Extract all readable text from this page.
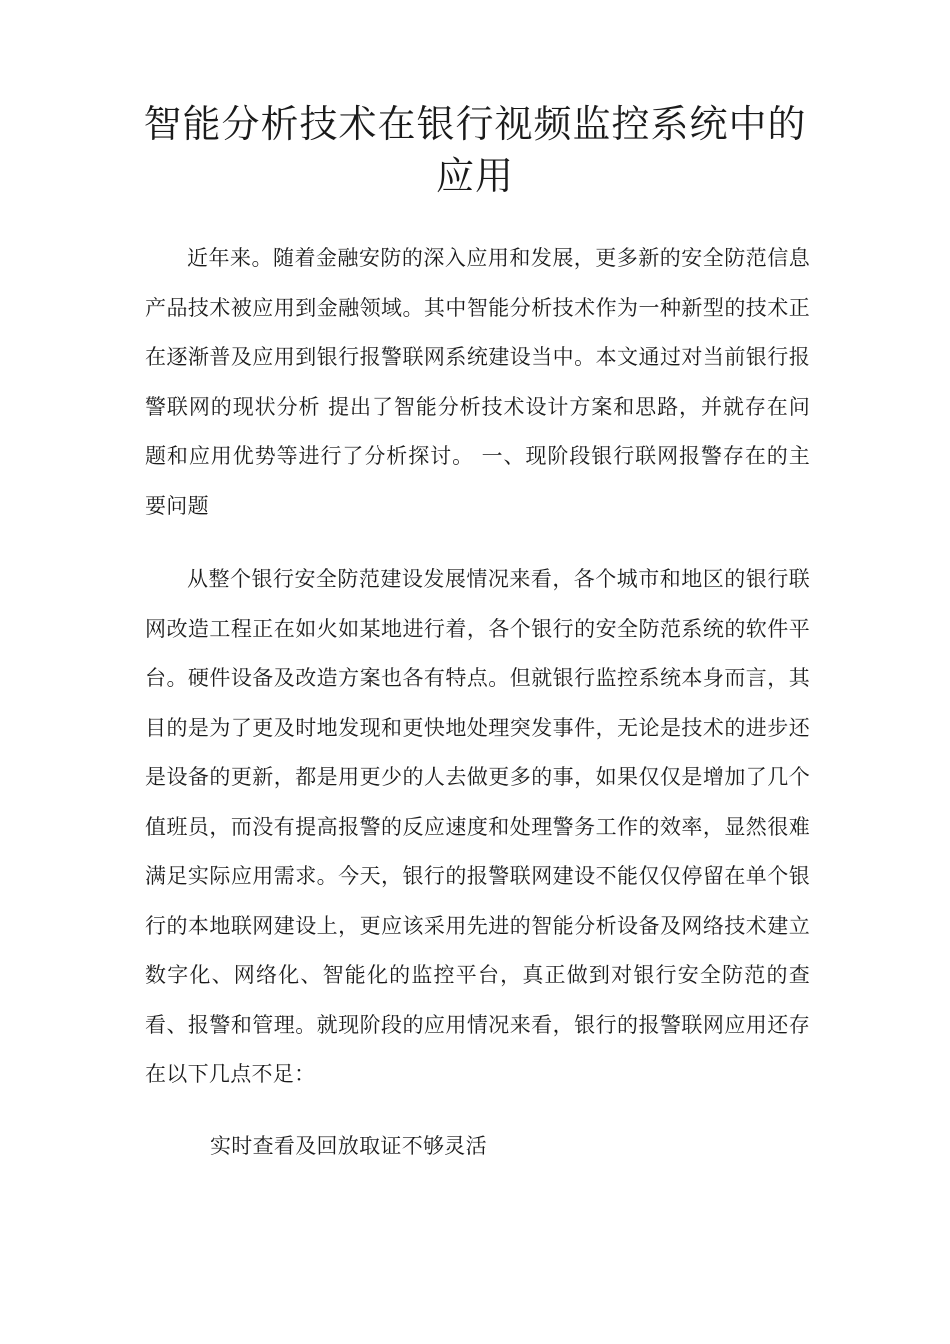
智能分析技术在银行视频监控系统中的应用

近年来。随着金融安防的深入应用和发展，更多新的安全防范信息产品技术被应用到金融领域。其中智能分析技术作为一种新型的技术正在逐渐普及应用到银行报警联网系统建设当中。本文通过对当前银行报警联网的现状分析 提出了智能分析技术设计方案和思路，并就存在问题和应用优势等进行了分析探讨。 一、现阶段银行联网报警存在的主要问题

从整个银行安全防范建设发展情况来看，各个城市和地区的银行联网改造工程正在如火如某地进行着，各个银行的安全防范系统的软件平台。硬件设备及改造方案也各有特点。但就银行监控系统本身而言，其目的是为了更及时地发现和更快地处理突发事件，无论是技术的进步还是设备的更新，都是用更少的人去做更多的事，如果仅仅是增加了几个值班员，而没有提高报警的反应速度和处理警务工作的效率，显然很难满足实际应用需求。今天，银行的报警联网建设不能仅仅停留在单个银行的本地联网建设上，更应该采用先进的智能分析设备及网络技术建立数字化、网络化、智能化的监控平台，真正做到对银行安全防范的查看、报警和管理。就现阶段的应用情况来看，银行的报警联网应用还存在以下几点不足：

实时查看及回放取证不够灵活
